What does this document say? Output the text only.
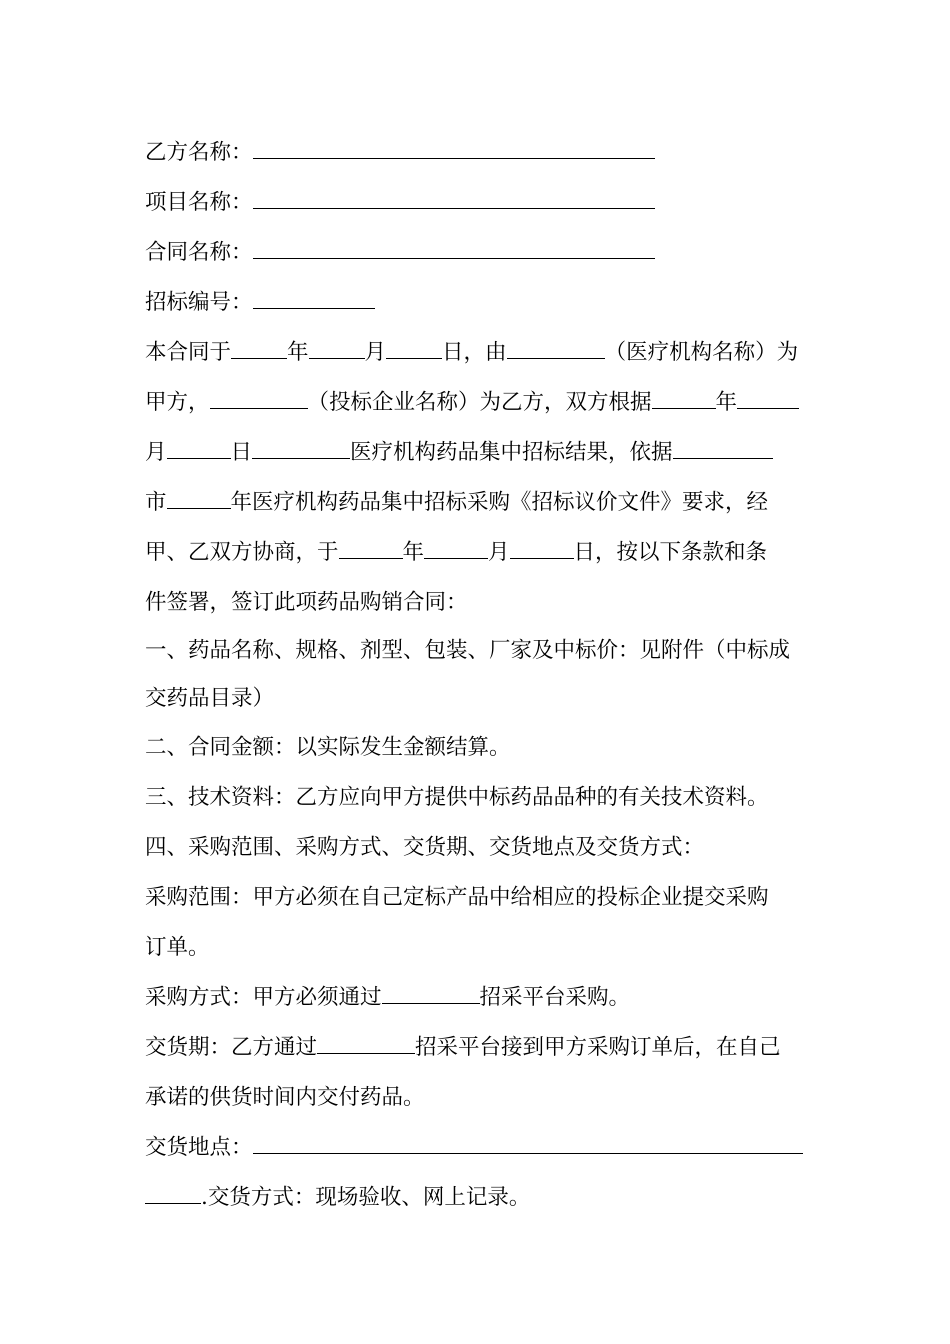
乙方名称：
项目名称：
合同名称：
招标编号：
本合同于	年	月	日，由	（医疗机构名称）为
甲方，	（投标企业名称）为乙方，双方根据	年
月	日	医疗机构药品集中招标结果，依据
市	年医疗机构药品集中招标采购《招标议价文件》要求，经
甲、乙双方协商，于	年	月	日，按以下条款和条
件签署，签订此项药品购销合同：
一、药品名称、规格、剂型、包装、厂家及中标价：见附件（中标成
交药品目录）
二、合同金额：以实际发生金额结算。
三、技术资料：乙方应向甲方提供中标药品品种的有关技术资料。
四、采购范围、采购方式、交货期、交货地点及交货方式：
采购范围：甲方必须在自己定标产品中给相应的投标企业提交采购
订单。
采购方式：甲方必须通过	招采平台采购。
交货期：乙方通过	招采平台接到甲方采购订单后，在自己
承诺的供货时间内交付药品。
交货地点：
.交货方式：现场验收、网上记录。
